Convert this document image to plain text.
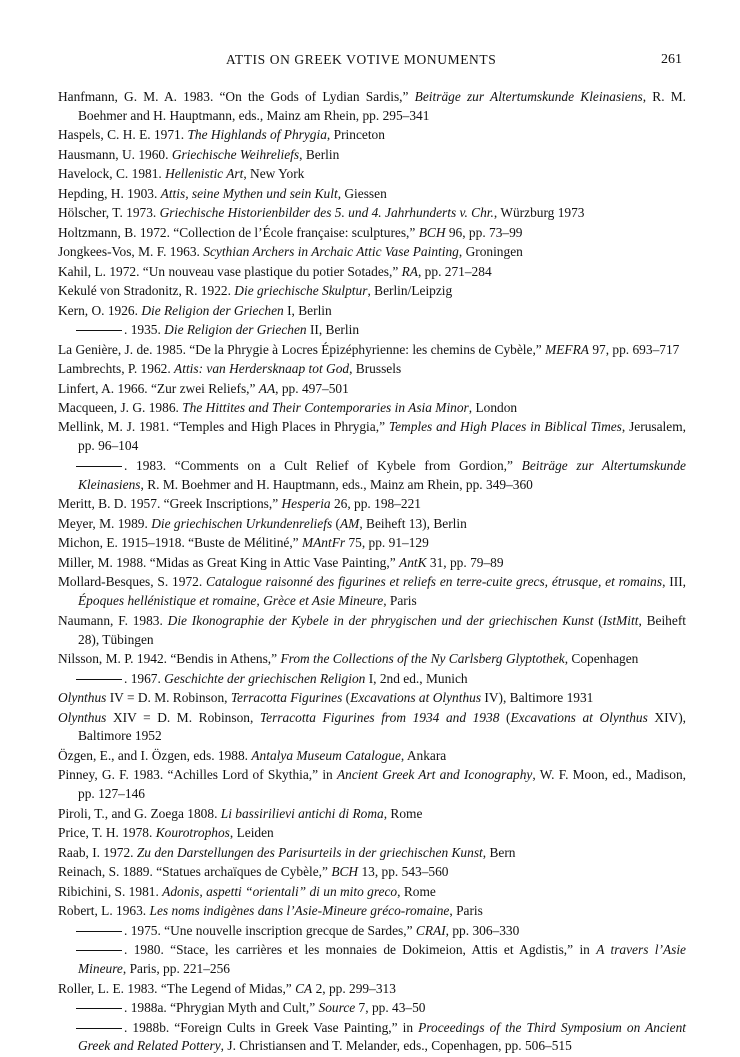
ATTIS ON GREEK VOTIVE MONUMENTS	261

Hanfmann, G. M. A. 1983. “On the Gods of Lydian Sardis,” Beiträge zur Altertumskunde Kleinasiens, R. M. Boehmer and H. Hauptmann, eds., Mainz am Rhein, pp. 295–341

Haspels, C. H. E. 1971. The Highlands of Phrygia, Princeton

Hausmann, U. 1960. Griechische Weihreliefs, Berlin

Havelock, C. 1981. Hellenistic Art, New York

Hepding, H. 1903. Attis, seine Mythen und sein Kult, Giessen

Hölscher, T. 1973. Griechische Historienbilder des 5. und 4. Jahrhunderts v. Chr., Würzburg 1973

Holtzmann, B. 1972. “Collection de l’École française: sculptures,” BCH 96, pp. 73–99

Jongkees-Vos, M. F. 1963. Scythian Archers in Archaic Attic Vase Painting, Groningen

Kahil, L. 1972. “Un nouveau vase plastique du potier Sotades,” RA, pp. 271–284

Kekulé von Stradonitz, R. 1922. Die griechische Skulptur, Berlin/Leipzig

Kern, O. 1926. Die Religion der Griechen I, Berlin

. 1935. Die Religion der Griechen II, Berlin

La Genière, J. de. 1985. “De la Phrygie à Locres Épizéphyrienne: les chemins de Cybèle,” MEFRA 97, pp. 693–717

Lambrechts, P. 1962. Attis: van Herdersknaap tot God, Brussels

Linfert, A. 1966. “Zur zwei Reliefs,” AA, pp. 497–501

Macqueen, J. G. 1986. The Hittites and Their Contemporaries in Asia Minor, London

Mellink, M. J. 1981. “Temples and High Places in Phrygia,” Temples and High Places in Biblical Times, Jerusalem, pp. 96–104

. 1983. “Comments on a Cult Relief of Kybele from Gordion,” Beiträge zur Altertumskunde Kleinasiens, R. M. Boehmer and H. Hauptmann, eds., Mainz am Rhein, pp. 349–360

Meritt, B. D. 1957. “Greek Inscriptions,” Hesperia 26, pp. 198–221

Meyer, M. 1989. Die griechischen Urkundenreliefs (AM, Beiheft 13), Berlin

Michon, E. 1915–1918. “Buste de Mélitiné,” MAntFr 75, pp. 91–129

Miller, M. 1988. “Midas as Great King in Attic Vase Painting,” AntK 31, pp. 79–89

Mollard-Besques, S. 1972. Catalogue raisonné des figurines et reliefs en terre-cuite grecs, étrusque, et romains, III, Époques hellénistique et romaine, Grèce et Asie Mineure, Paris

Naumann, F. 1983. Die Ikonographie der Kybele in der phrygischen und der griechischen Kunst (IstMitt, Beiheft 28), Tübingen

Nilsson, M. P. 1942. “Bendis in Athens,” From the Collections of the Ny Carlsberg Glyptothek, Copenhagen

. 1967. Geschichte der griechischen Religion I, 2nd ed., Munich

Olynthus IV = D. M. Robinson, Terracotta Figurines (Excavations at Olynthus IV), Baltimore 1931

Olynthus XIV = D. M. Robinson, Terracotta Figurines from 1934 and 1938 (Excavations at Olynthus XIV), Baltimore 1952

Özgen, E., and I. Özgen, eds. 1988. Antalya Museum Catalogue, Ankara

Pinney, G. F. 1983. “Achilles Lord of Skythia,” in Ancient Greek Art and Iconography, W. F. Moon, ed., Madison, pp. 127–146

Piroli, T., and G. Zoega 1808. Li bassirilievi antichi di Roma, Rome

Price, T. H. 1978. Kourotrophos, Leiden

Raab, I. 1972. Zu den Darstellungen des Parisurteils in der griechischen Kunst, Bern

Reinach, S. 1889. “Statues archaïques de Cybèle,” BCH 13, pp. 543–560

Ribichini, S. 1981. Adonis, aspetti “orientali” di un mito greco, Rome

Robert, L. 1963. Les noms indigènes dans l’Asie-Mineure gréco-romaine, Paris

. 1975. “Une nouvelle inscription grecque de Sardes,” CRAI, pp. 306–330

. 1980. “Stace, les carrières et les monnaies de Dokimeion, Attis et Agdistis,” in A travers l’Asie Mineure, Paris, pp. 221–256

Roller, L. E. 1983. “The Legend of Midas,” CA 2, pp. 299–313

. 1988a. “Phrygian Myth and Cult,” Source 7, pp. 43–50

. 1988b. “Foreign Cults in Greek Vase Painting,” in Proceedings of the Third Symposium on Ancient Greek and Related Pottery, J. Christiansen and T. Melander, eds., Copenhagen, pp. 506–515
